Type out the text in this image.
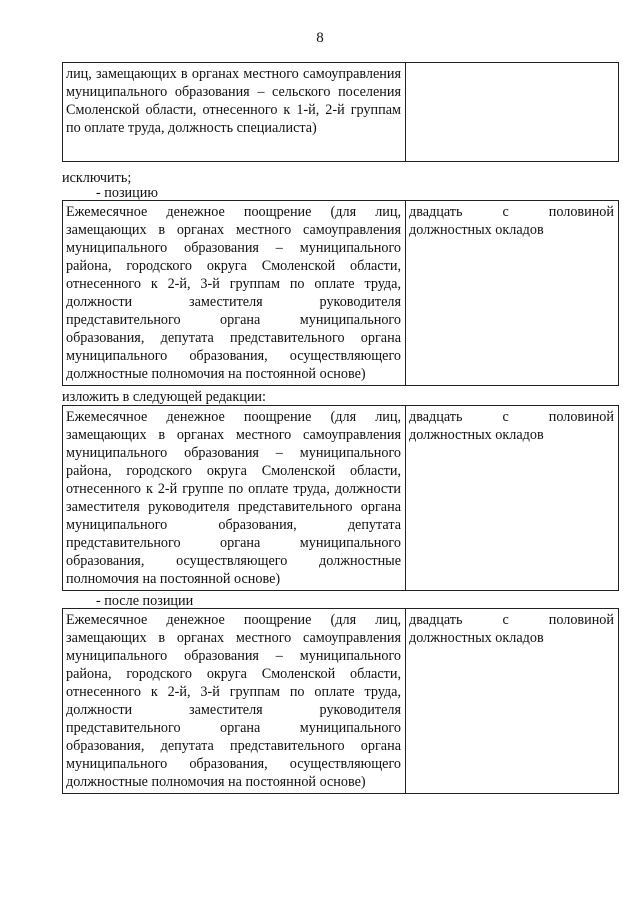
8
лиц, замещающих в органах местного самоуправления муниципального образования – сельского поселения Смоленской области, отнесенного к 1-й, 2-й группам по оплате труда, должность специалиста)	
исключить;
- позицию
Ежемесячное денежное поощрение (для лиц, замещающих в органах местного самоуправления муниципального образования – муниципального района, городского округа Смоленской области, отнесенного к 2-й, 3-й группам по оплате труда, должности заместителя руководителя представительного органа муниципального образования, депутата представительного органа муниципального образования, осуществляющего должностные полномочия на постоянной основе)	двадцать с половиной должностных окладов
изложить в следующей редакции:
Ежемесячное денежное поощрение (для лиц, замещающих в органах местного самоуправления муниципального образования – муниципального района, городского округа Смоленской области, отнесенного к 2-й группе по оплате труда, должности заместителя руководителя представительного органа муниципального образования, депутата представительного органа муниципального образования, осуществляющего должностные полномочия на постоянной основе)	двадцать с половиной должностных окладов
- после позиции
Ежемесячное денежное поощрение (для лиц, замещающих в органах местного самоуправления муниципального образования – муниципального района, городского округа Смоленской области, отнесенного к 2-й, 3-й группам по оплате труда, должности заместителя руководителя представительного органа муниципального образования, депутата представительного органа муниципального образования, осуществляющего должностные полномочия на постоянной основе)	двадцать с половиной должностных окладов
